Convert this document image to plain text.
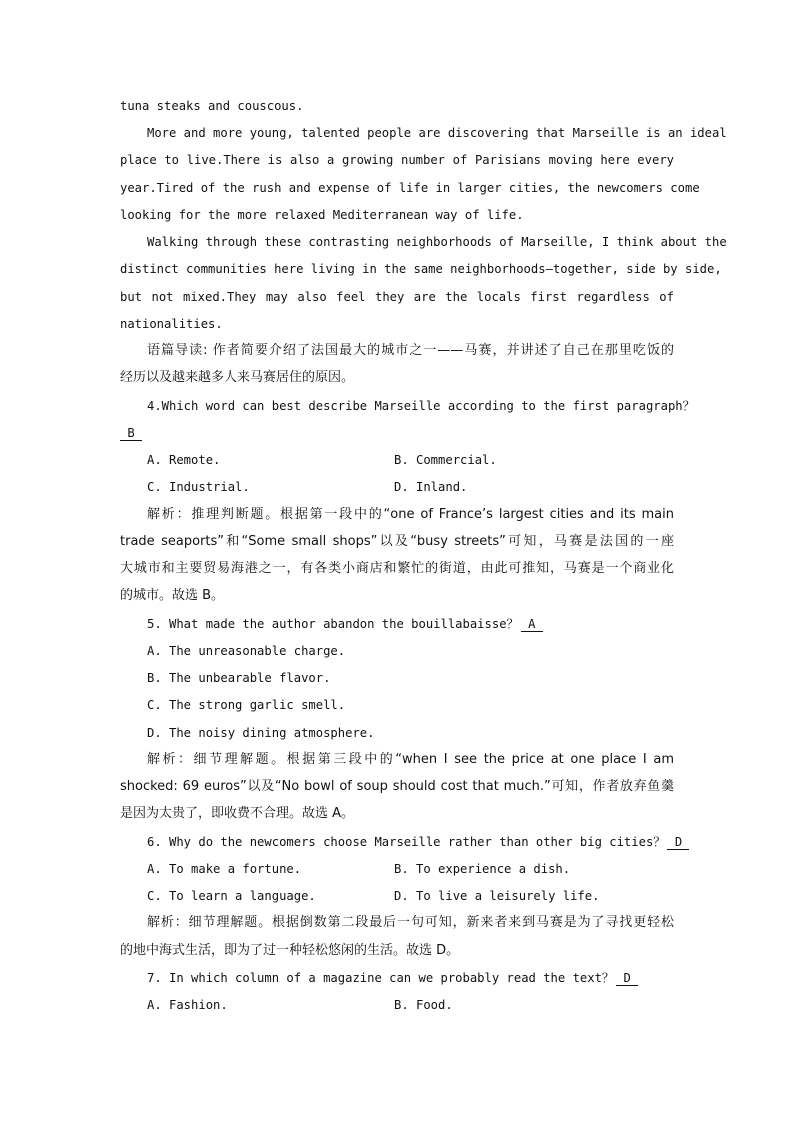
tuna steaks and couscous.
More and more young, talented people are discovering that Marseille is an ideal
place to live.There is also a growing number of Parisians moving here every
year.Tired of the rush and expense of life in larger cities, the newcomers come
looking for the more relaxed Mediterranean way of life.
Walking through these contrasting neighborhoods of Marseille, I think about the
distinct communities here living in the same neighborhoods—together, side by side,
but not mixed.They may also feel they are the locals first regardless of
nationalities.
语篇导读: 作者简要介绍了法国最大的城市之一——马赛，并讲述了自己在那里吃饭的
经历以及越来越多人来马赛居住的原因。
4.Which word can best describe Marseille according to the first paragraph？
B
A. Remote.	B. Commercial.
C. Industrial.	D. Inland.
解析：推理判断题。根据第一段中的“one of France’s largest cities and its main
trade seaports”和“Some small shops”以及“busy streets”可知，马赛是法国的一座
大城市和主要贸易海港之一，有各类小商店和繁忙的街道，由此可推知，马赛是一个商业化
的城市。故选 B。
5. What made the author abandon the bouillabaisse？ A
A. The unreasonable charge.
B. The unbearable flavor.
C. The strong garlic smell.
D. The noisy dining atmosphere.
解析：细节理解题。根据第三段中的“when I see the price at one place I am
shocked: 69 euros”以及“No bowl of soup should cost that much.”可知，作者放弃鱼羹
是因为太贵了，即收费不合理。故选 A。
6. Why do the newcomers choose Marseille rather than other big cities？ D
A. To make a fortune.	B. To experience a dish.
C. To learn a language.	D. To live a leisurely life.
解析：细节理解题。根据倒数第二段最后一句可知，新来者来到马赛是为了寻找更轻松
的地中海式生活，即为了过一种轻松悠闲的生活。故选 D。
7. In which column of a magazine can we probably read the text？ D
A. Fashion.	B. Food.
